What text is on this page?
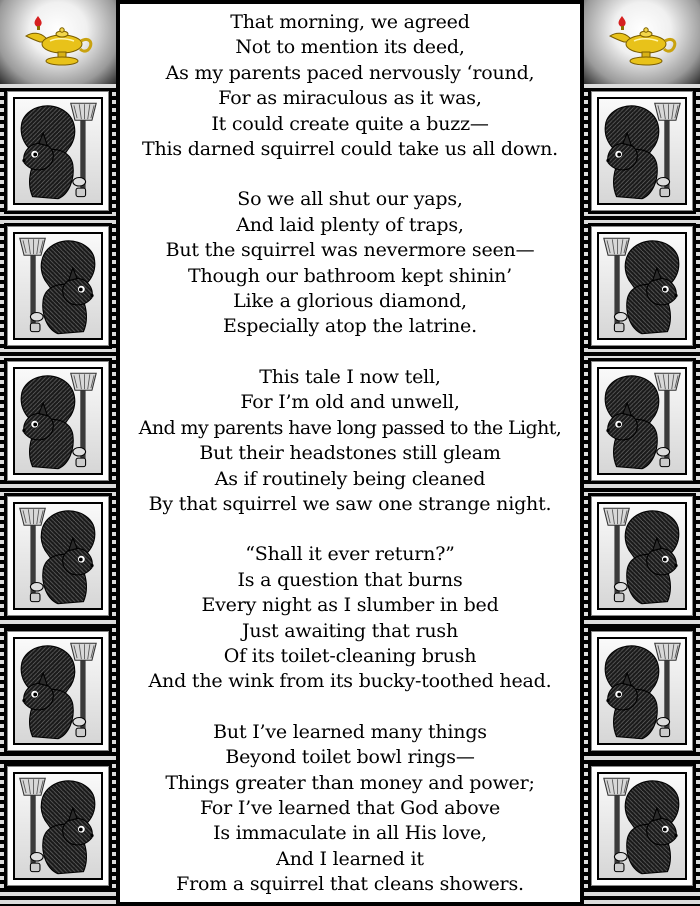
That morning, we agreed
Not to mention its deed,
As my parents paced nervously ‘round,
For as miraculous as it was,
It could create quite a buzz—
This darned squirrel could take us all down.
So we all shut our yaps,
And laid plenty of traps,
But the squirrel was nevermore seen—
Though our bathroom kept shinin’
Like a glorious diamond,
Especially atop the latrine.
This tale I now tell,
For I’m old and unwell,
And my parents have long passed to the Light,
But their headstones still gleam
As if routinely being cleaned
By that squirrel we saw one strange night.
“Shall it ever return?”
Is a question that burns
Every night as I slumber in bed
Just awaiting that rush
Of its toilet-cleaning brush
And the wink from its bucky-toothed head.
But I’ve learned many things
Beyond toilet bowl rings—
Things greater than money and power;
For I’ve learned that God above
Is immaculate in all His love,
And I learned it
From a squirrel that cleans showers.
